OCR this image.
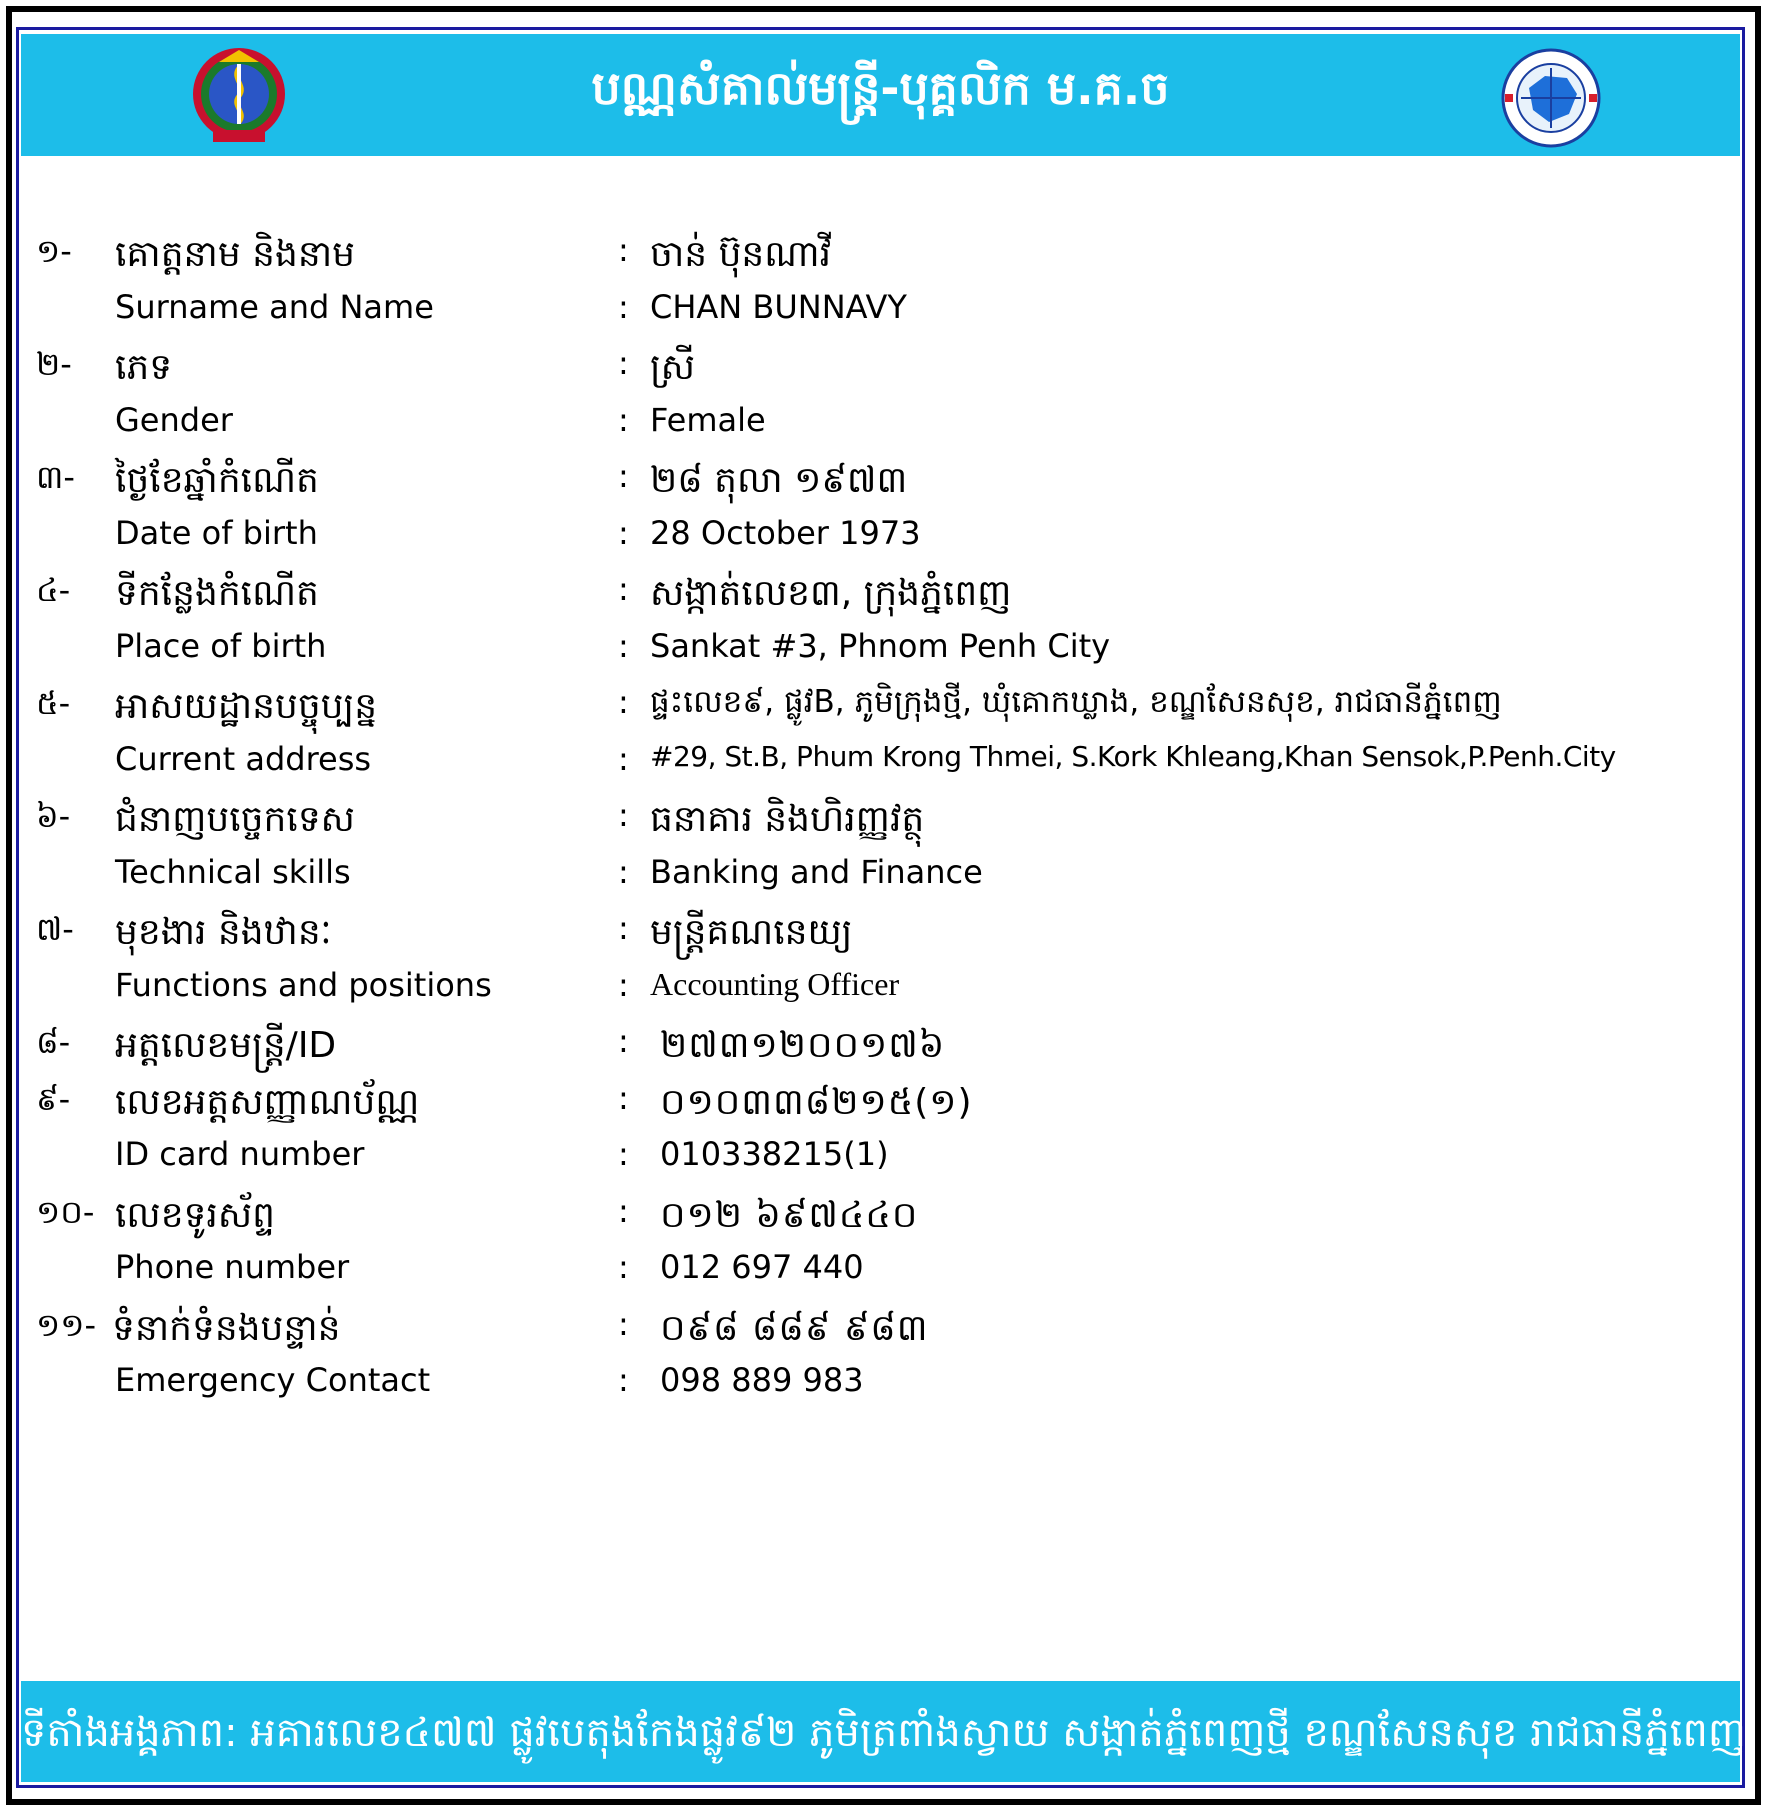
បណ្ណសំគាល់មន្ត្រី-បុគ្គលិក ម.គ.ច
១- គោត្តនាម និងនាម	: ចាន់ ប៊ុនណាវី
Surname and Name	: CHAN BUNNAVY
២- ភេទ	: ស្រី
Gender	: Female
៣- ថ្ងៃខែឆ្នាំកំណើត	: ២៨ តុលា ១៩៧៣
Date of birth	: 28 October 1973
៤- ទីកន្លែងកំណើត	: សង្កាត់លេខ៣, ក្រុងភ្នំពេញ
Place of birth	: Sankat #3, Phnom Penh City
៥- អាសយដ្ឋានបច្ចុប្បន្ន	: ផ្ទះលេខ៩, ផ្លូវB, ភូមិក្រុងថ្មី, ឃុំគោកឃ្លាង, ខណ្ឌសែនសុខ, រាជធានីភ្នំពេញ
Current address	: #29, St.B, Phum Krong Thmei, S.Kork Khleang,Khan Sensok,P.Penh.City
៦- ជំនាញបច្ចេកទេស	: ធនាគារ និងហិរញ្ញវត្ថុ
Technical skills	: Banking and Finance
៧- មុខងារ និងឋានៈ	: មន្ត្រីគណនេយ្យ
Functions and positions	: Accounting Officer
៨- អត្តលេខមន្ត្រី/ID	: ២៧៣១២០០១៧៦
៩- លេខអត្តសញ្ញាណប័ណ្ណ	: ០១០៣៣៨២១៥(១)
ID card number	: 010338215(1)
១០- លេខទូរស័ព្ទ	: ០១២ ៦៩៧៤៤០
Phone number	: 012 697 440
១១- ទំនាក់ទំនងបន្ទាន់	: ០៩៨ ៨៨៩ ៩៨៣
Emergency Contact	: 098 889 983
ទីតាំងអង្គភាព: អគារលេខ៤៧៧ ផ្លូវបេតុងកែងផ្លូវ៩២ ភូមិត្រពាំងស្វាយ សង្កាត់ភ្នំពេញថ្មី ខណ្ឌសែនសុខ រាជធានីភ្នំពេញ
